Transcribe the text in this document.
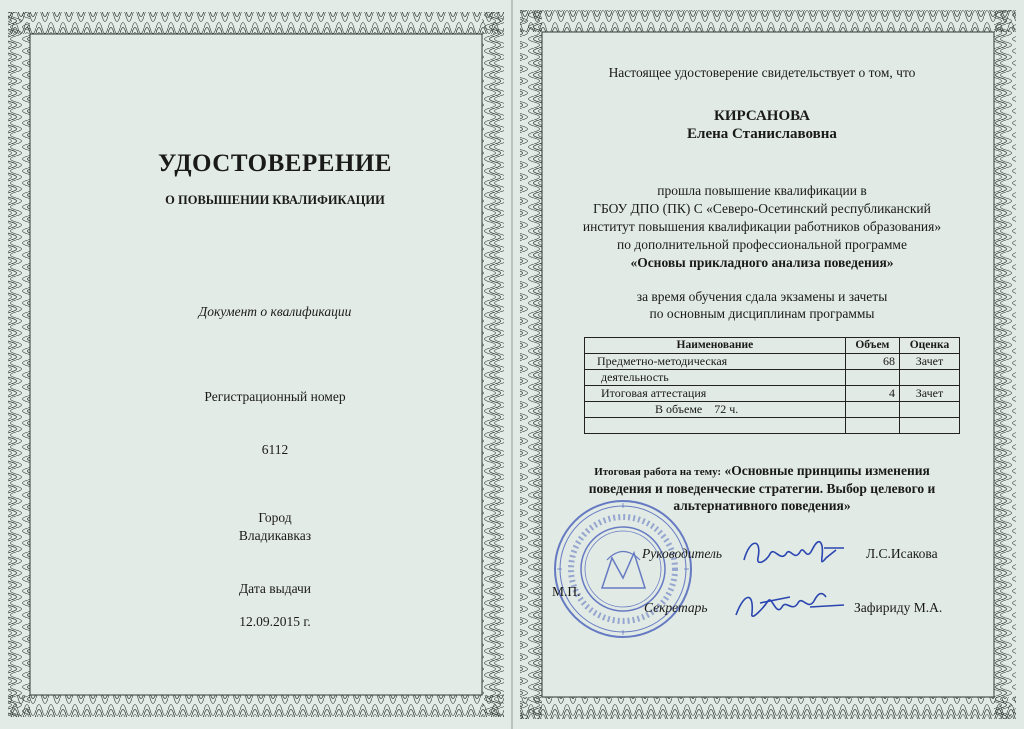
УДОСТОВЕРЕНИЕ
О ПОВЫШЕНИИ КВАЛИФИКАЦИИ
Документ о квалификации
Регистрационный номер
6112
Город
Владикавказ
Дата выдачи
12.09.2015 г.
Настоящее удостоверение свидетельствует о том, что
КИРСАНОВА
Елена Станиславовна
прошла повышение квалификации в
ГБОУ ДПО (ПК) С «Северо-Осетинский республиканский
институт повышения квалификации работников образования»
по дополнительной профессиональной программе
«Основы прикладного анализа поведения»
за время обучения сдала экзамены и зачеты
по основным дисциплинам программы
Наименование	Объем	Оценка
Предметно-методическая	68	Зачет
деятельность		
Итоговая аттестация	4	Зачет
В объеме    72 ч.		

Итоговая работа на тему: «Основные принципы изменения
поведения и поведенческие стратегии. Выбор целевого и
альтернативного поведения»
Руководитель	Л.С.Исакова
М.П.
Секретарь	Зафириду М.А.
